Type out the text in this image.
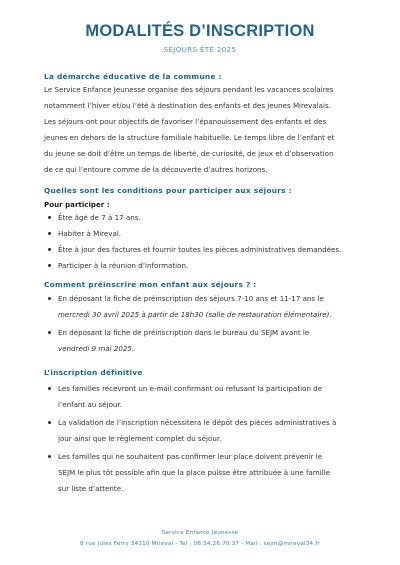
MODALITÉS D’INSCRIPTION
SÉJOURS ÉTÉ 2025
La démarche éducative de la commune :
Le Service Enfance Jeunesse organise des séjours pendant les vacances scolaires
notamment l’hiver et/ou l’été à destination des enfants et des jeunes Mirevalais.
Les séjours ont pour objectifs de favoriser l’épanouissement des enfants et des
jeunes en dehors de la structure familiale habituelle. Le temps libre de l’enfant et
du jeune se doit d’être un temps de liberté, de curiosité, de jeux et d’observation
de ce qui l’entoure comme de la découverte d’autres horizons.
Quelles sont les conditions pour participer aux séjours :
Pour participer :
Être âgé de 7 à 17 ans.
Habiter à Mireval.
Être à jour des factures et fournir toutes les pièces administratives demandées.
Participer à la réunion d’information.
Comment préinscrire mon enfant aux séjours ? :
En déposant la fiche de préinscription des séjours 7-10 ans et 11-17 ans le
mercredi 30 avril 2025 à partir de 18h30 (salle de restauration élémentaire).
En déposant la fiche de préinscription dans le bureau du SEJM avant le
vendredi 9 mai 2025.
L’inscription définitive
Les familles recevront un e-mail confirmant ou refusant la participation de
l’enfant au séjour.
La validation de l’inscription nécessitera le dépôt des pièces administratives à
jour ainsi que le règlement complet du séjour.
Les familles qui ne souhaitent pas confirmer leur place doivent prévenir le
SEJM le plus tôt possible afin que la place puisse être attribuée à une famille
sur liste d’attente.
Service Enfance Jeunesse
8 rue Jules Ferry 34110 Mireval - Tel : 06.34.26.70.37 - Mail : sejm@mireval34.fr
